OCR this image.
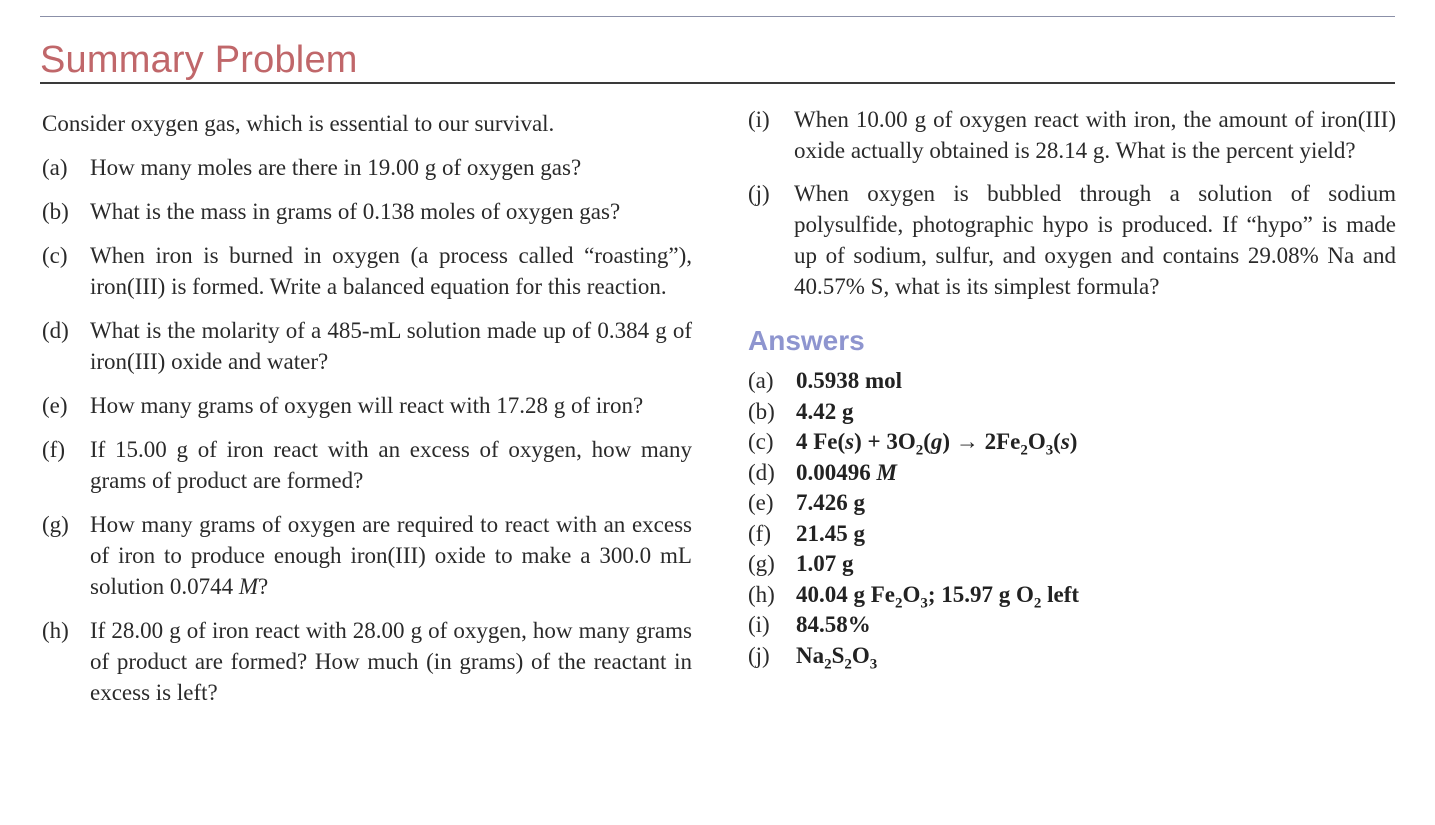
Summary Problem

Consider oxygen gas, which is essential to our survival.

(a) How many moles are there in 19.00 g of oxygen gas?
(b) What is the mass in grams of 0.138 moles of oxygen gas?
(c) When iron is burned in oxygen (a process called “roasting”), iron(III) is formed. Write a balanced equation for this reaction.
(d) What is the molarity of a 485-mL solution made up of 0.384 g of iron(III) oxide and water?
(e) How many grams of oxygen will react with 17.28 g of iron?
(f) If 15.00 g of iron react with an excess of oxygen, how many grams of product are formed?
(g) How many grams of oxygen are required to react with an excess of iron to produce enough iron(III) oxide to make a 300.0 mL solution 0.0744 M?
(h) If 28.00 g of iron react with 28.00 g of oxygen, how many grams of product are formed? How much (in grams) of the reactant in excess is left?
(i) When 10.00 g of oxygen react with iron, the amount of iron(III) oxide actually obtained is 28.14 g. What is the percent yield?
(j) When oxygen is bubbled through a solution of sodium polysulfide, photographic hypo is produced. If “hypo” is made up of sodium, sulfur, and oxygen and contains 29.08% Na and 40.57% S, what is its simplest formula?
Answers
(a) 0.5938 mol
(b) 4.42 g
(c) 4 $Fe(s) + 3O_2(g) \to 2Fe_2O_3(s)$
(d) 0.00496 M
(e) 7.426 g
(f) 21.45 g
(g) 1.07 g
(h) 40.04 g $Fe_2O_3$; 15.97 g $O_2$ left
(i) 84.58%
(j) $Na_2S_2O_3$
